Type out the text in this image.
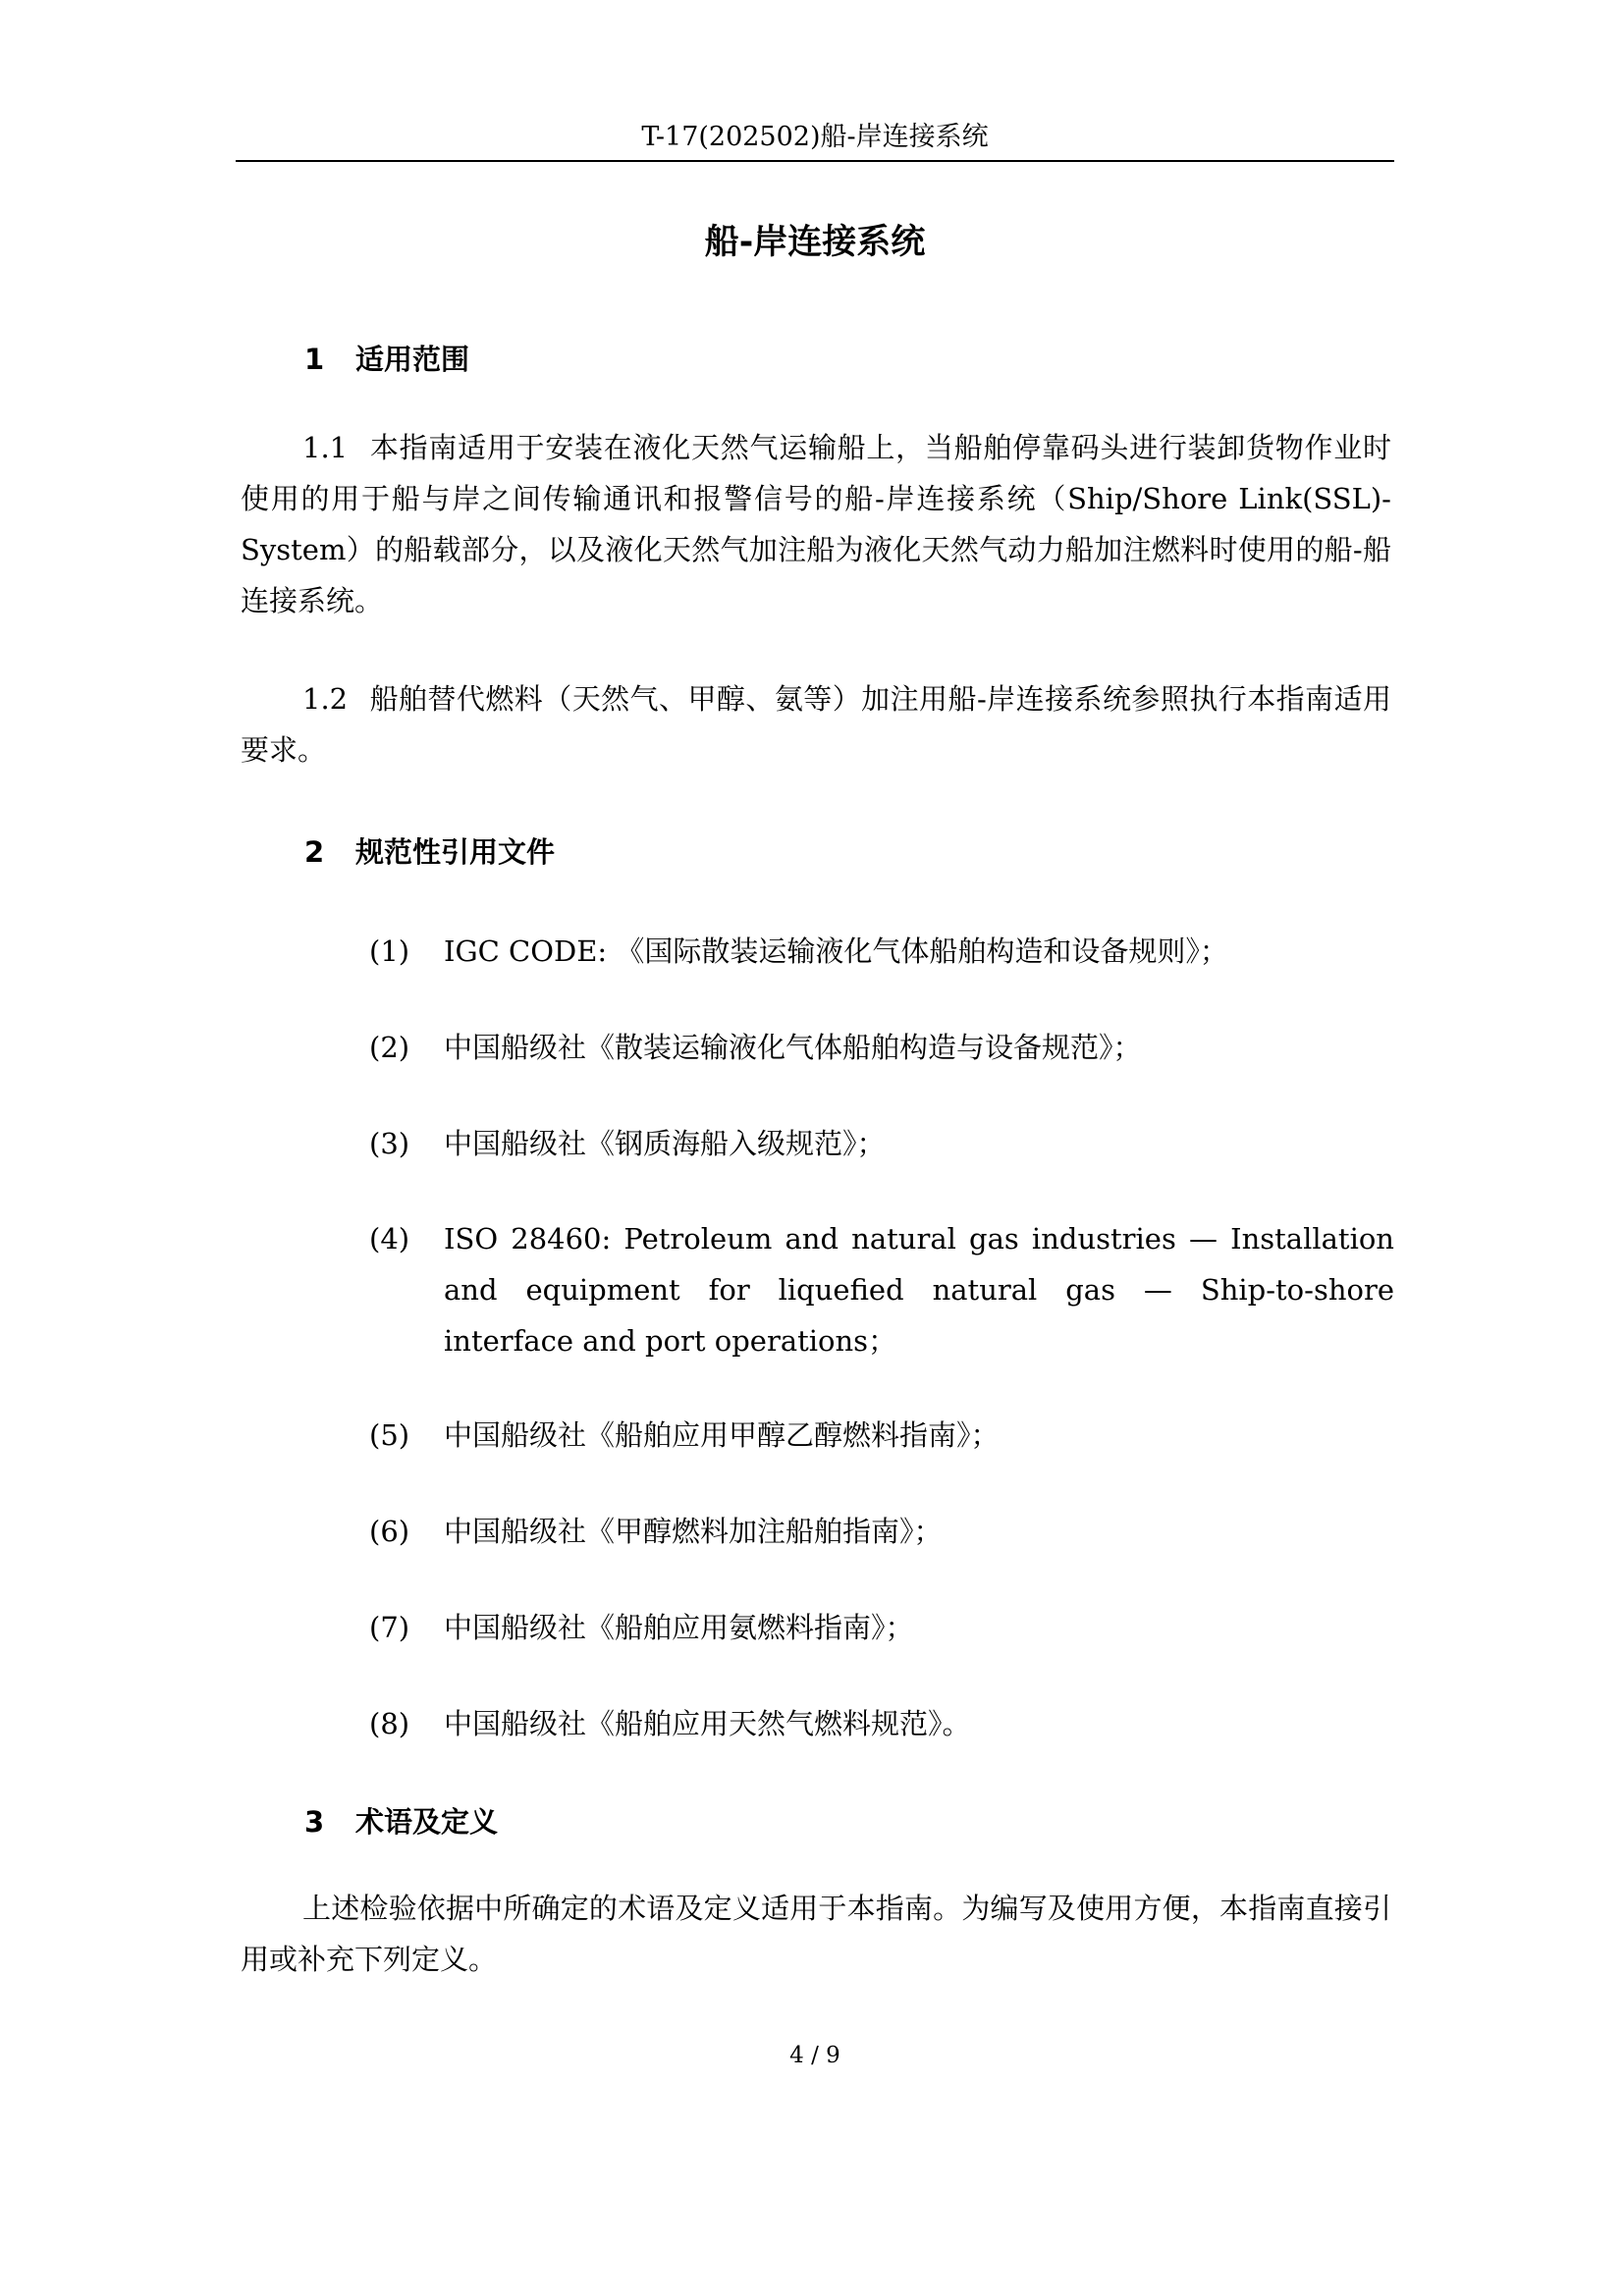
T-17(202502)船-岸连接系统
船-岸连接系统
1 适用范围
1.1 本指南适用于安装在液化天然气运输船上，当船舶停靠码头进行装卸货物作业时使用的用于船与岸之间传输通讯和报警信号的船-岸连接系统（Ship/Shore Link(SSL)-System）的船载部分，以及液化天然气加注船为液化天然气动力船加注燃料时使用的船-船连接系统。
1.2 船舶替代燃料（天然气、甲醇、氨等）加注用船-岸连接系统参照执行本指南适用要求。
2 规范性引用文件
(1)	IGC CODE: 《国际散装运输液化气体船舶构造和设备规则》；
(2)	中国船级社《散装运输液化气体船舶构造与设备规范》；
(3)	中国船级社《钢质海船入级规范》；
(4)	ISO 28460: Petroleum and natural gas industries — Installation and equipment for liquefied natural gas — Ship-to-shore interface and port operations；
(5)	中国船级社《船舶应用甲醇乙醇燃料指南》；
(6)	中国船级社《甲醇燃料加注船舶指南》；
(7)	中国船级社《船舶应用氨燃料指南》；
(8)	中国船级社《船舶应用天然气燃料规范》。
3 术语及定义
上述检验依据中所确定的术语及定义适用于本指南。为编写及使用方便，本指南直接引用或补充下列定义。
4 / 9
